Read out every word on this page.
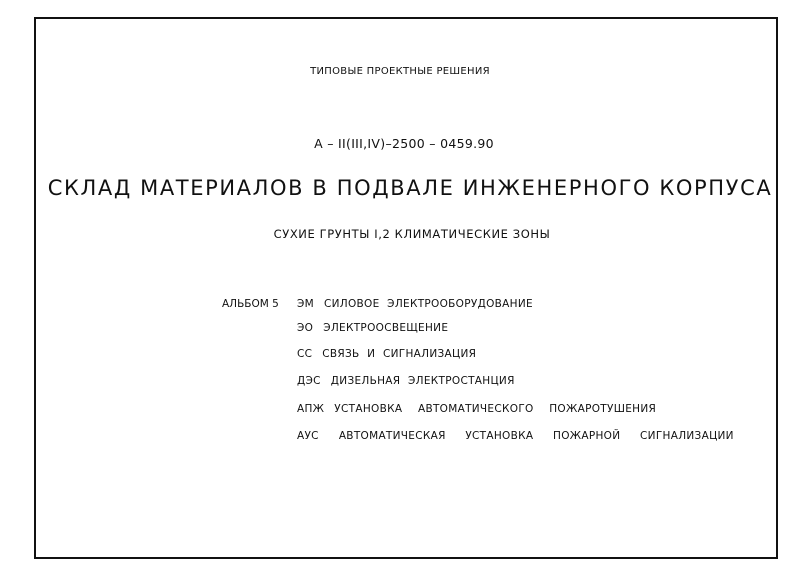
ТИПОВЫЕ ПРОЕКТНЫЕ РЕШЕНИЯ
А – II(III,IV)–2500 – 0459.90
СКЛАД МАТЕРИАЛОВ В ПОДВАЛЕ ИНЖЕНЕРНОГО КОРПУСА
СУХИЕ ГРУНТЫ I,2 КЛИМАТИЧЕСКИЕ ЗОНЫ
АЛЬБОМ 5 ЭМ СИЛОВОЕ ЭЛЕКТРООБОРУДОВАНИЕ
ЭО ЭЛЕКТРООСВЕЩЕНИЕ
СС СВЯЗЬ И СИГНАЛИЗАЦИЯ
ДЭС ДИЗЕЛЬНАЯ ЭЛЕКТРОСТАНЦИЯ
АПЖ УСТАНОВКА АВТОМАТИЧЕСКОГО ПОЖАРОТУШЕНИЯ
АУС АВТОМАТИЧЕСКАЯ УСТАНОВКА ПОЖАРНОЙ СИГНАЛИЗАЦИИ
